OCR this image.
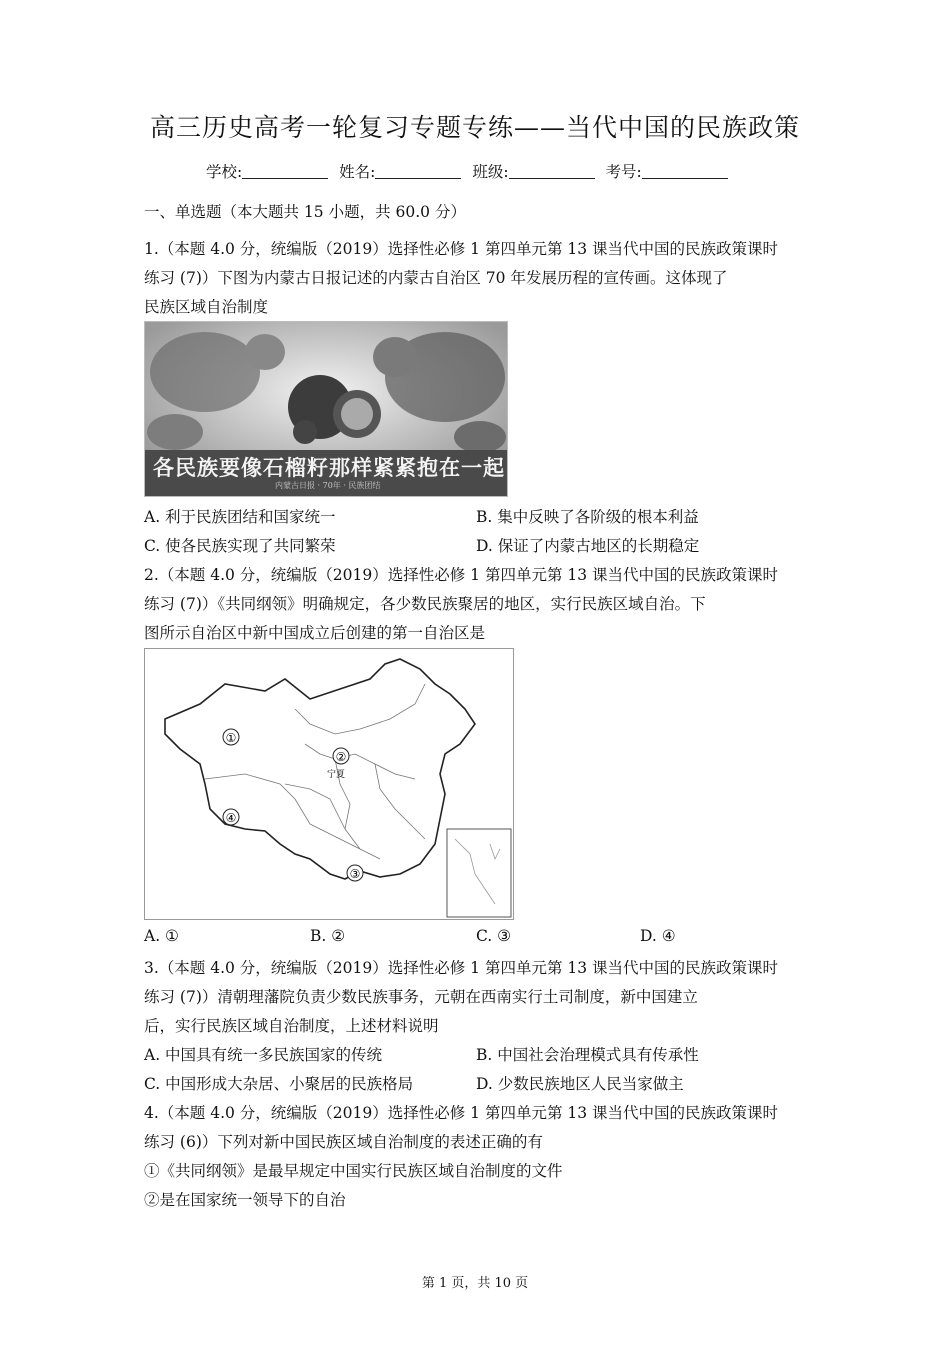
高三历史高考一轮复习专题专练——当代中国的民族政策
学校:	姓名:	班级:	考号:
一、单选题（本大题共 15 小题，共 60.0 分）
1.（本题 4.0 分，统编版（2019）选择性必修 1 第四单元第 13 课当代中国的民族政策课时
练习 (7)）下图为内蒙古日报记述的内蒙古自治区 70 年发展历程的宣传画。这体现了
民族区域自治制度
各民族要像石榴籽那样紧紧抱在一起
内蒙古日报 · 70年 · 民族团结
A. 利于民族团结和国家统一	B. 集中反映了各阶级的根本利益
C. 使各民族实现了共同繁荣	D. 保证了内蒙古地区的长期稳定
2.（本题 4.0 分，统编版（2019）选择性必修 1 第四单元第 13 课当代中国的民族政策课时
练习 (7)）《共同纲领》明确规定，各少数民族聚居的地区，实行民族区域自治。下
图所示自治区中新中国成立后创建的第一自治区是
①
②
③
④
宁夏
A. ①	B. ②	C. ③	D. ④
3.（本题 4.0 分，统编版（2019）选择性必修 1 第四单元第 13 课当代中国的民族政策课时
练习 (7)）清朝理藩院负责少数民族事务，元朝在西南实行土司制度，新中国建立
后，实行民族区域自治制度，上述材料说明
A. 中国具有统一多民族国家的传统	B. 中国社会治理模式具有传承性
C. 中国形成大杂居、小聚居的民族格局	D. 少数民族地区人民当家做主
4.（本题 4.0 分，统编版（2019）选择性必修 1 第四单元第 13 课当代中国的民族政策课时
练习 (6)）下列对新中国民族区域自治制度的表述正确的有
①《共同纲领》是最早规定中国实行民族区域自治制度的文件
②是在国家统一领导下的自治
第 1 页，共 10 页
